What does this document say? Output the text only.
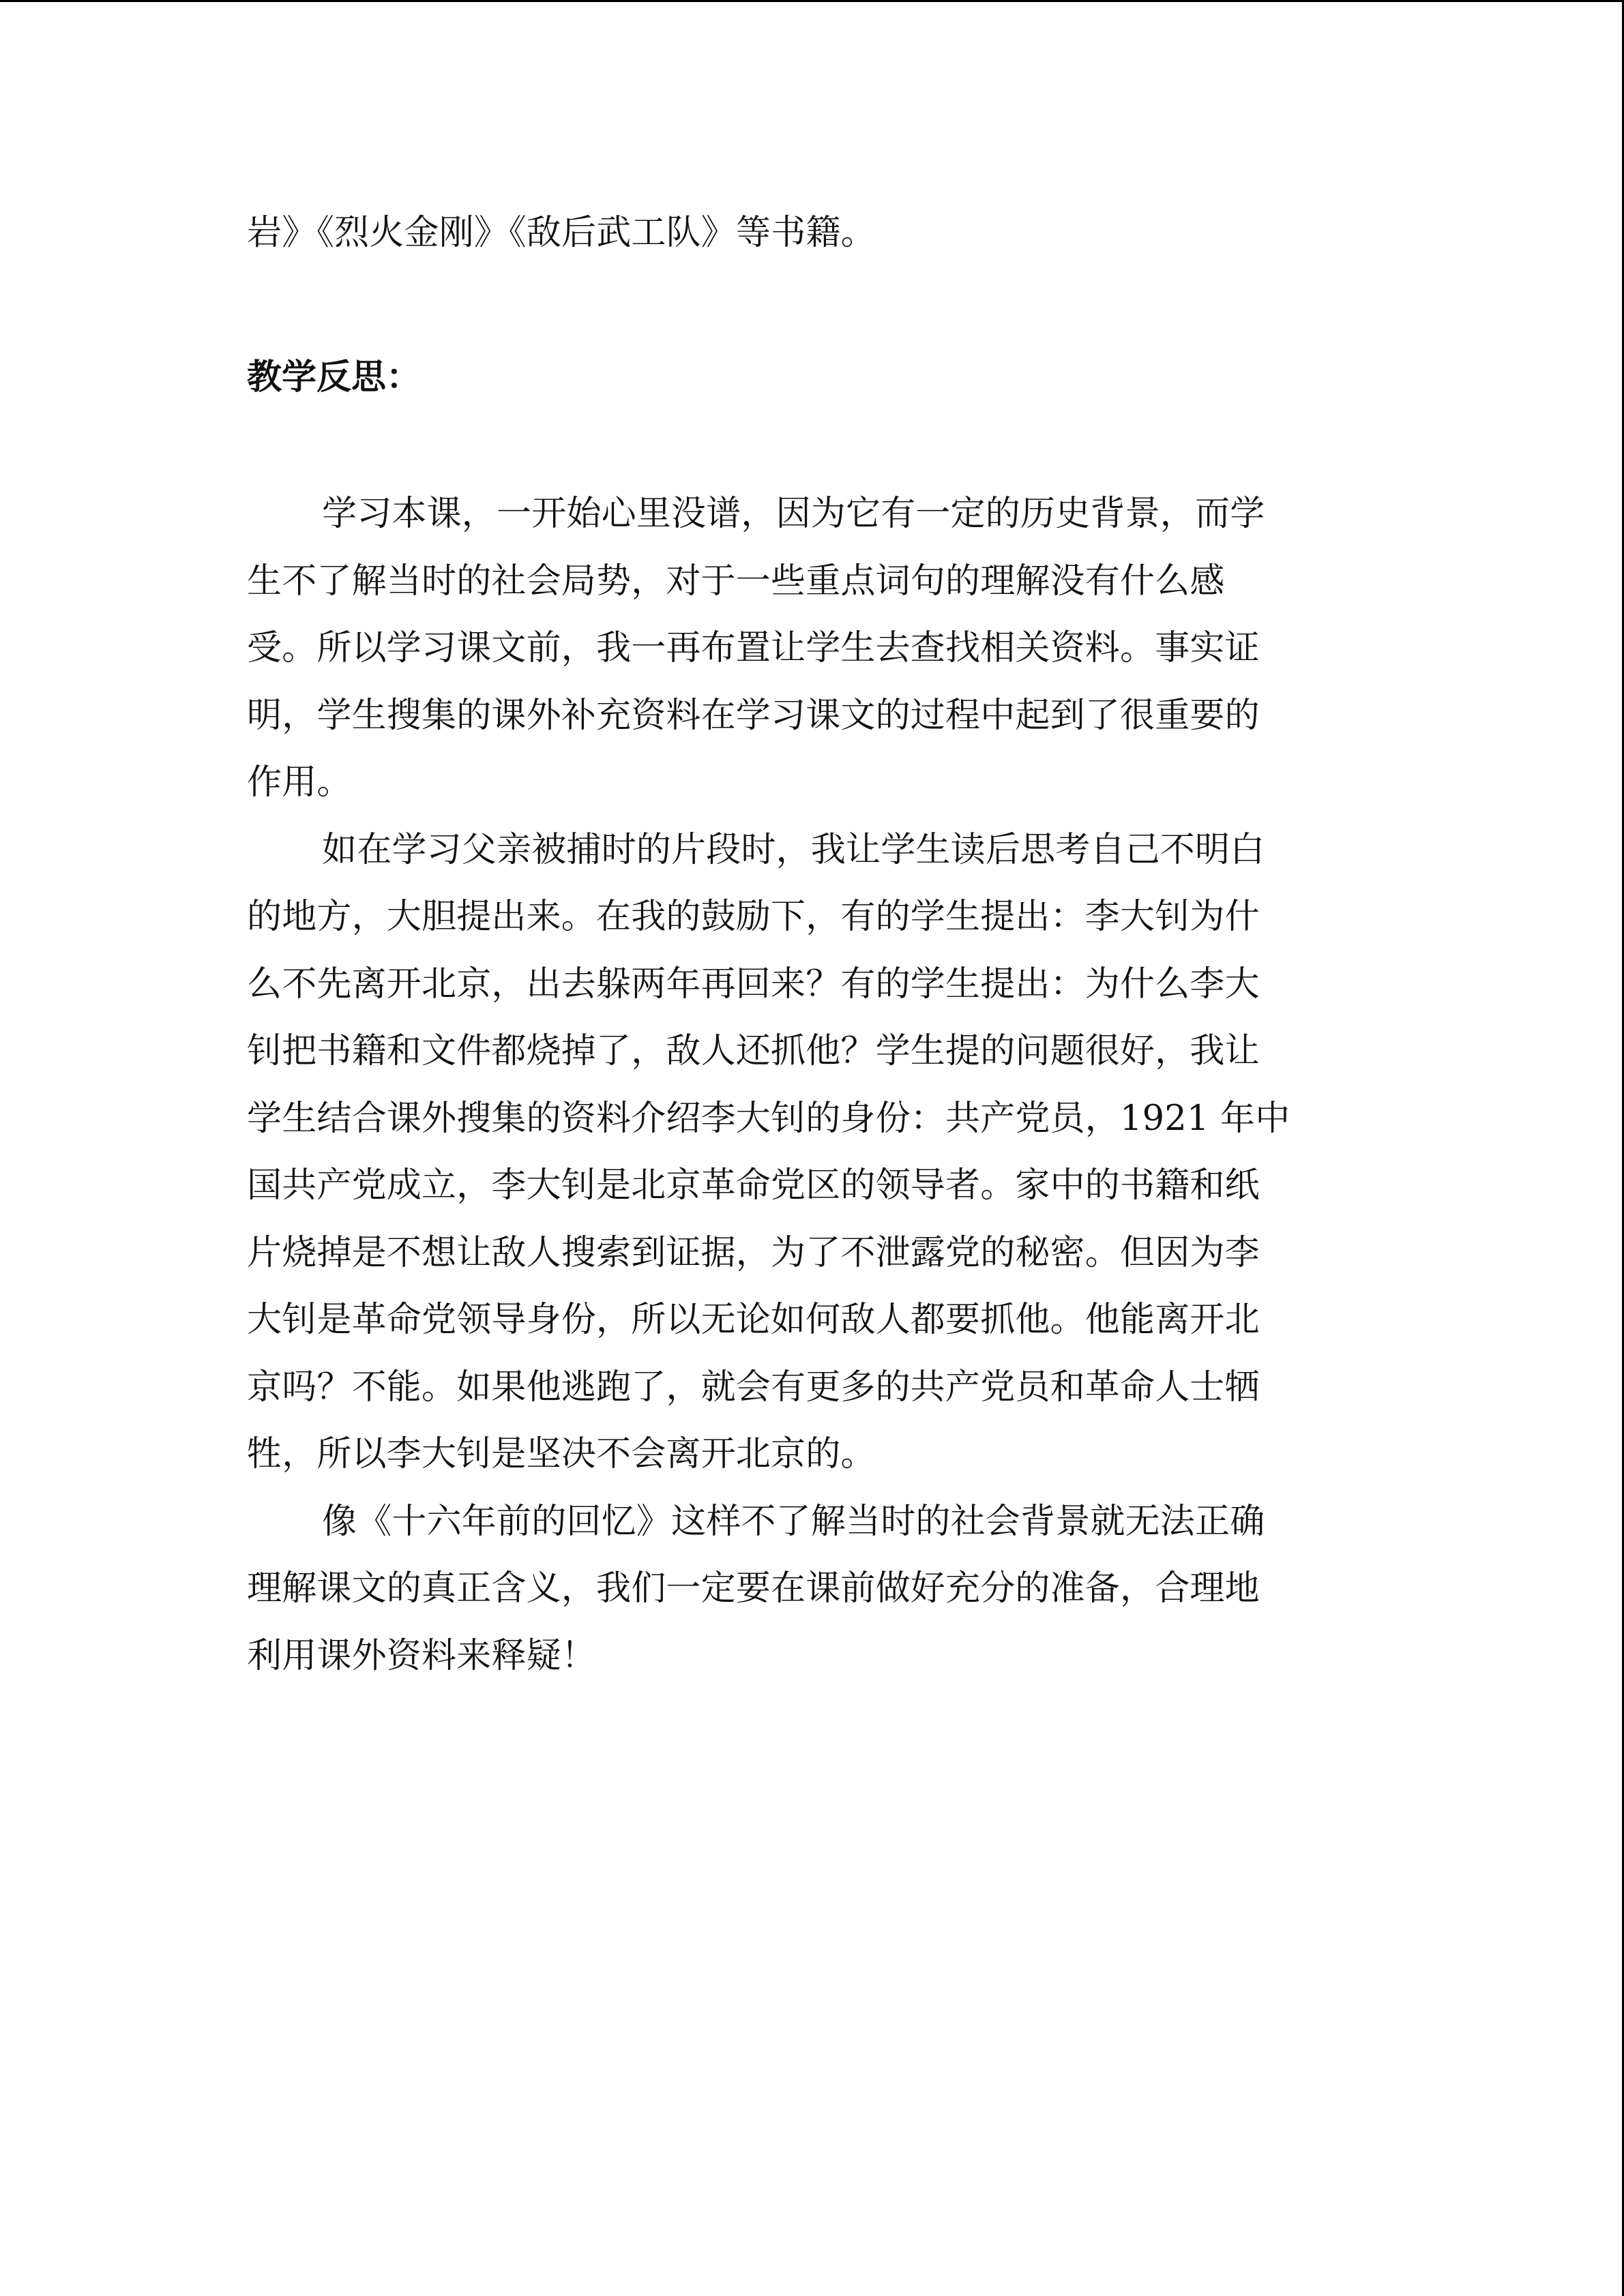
岩》《烈火金刚》《敌后武工队》等书籍。
教学反思：
学习本课，一开始心里没谱，因为它有一定的历史背景，而学
生不了解当时的社会局势，对于一些重点词句的理解没有什么感
受。所以学习课文前，我一再布置让学生去查找相关资料。事实证
明，学生搜集的课外补充资料在学习课文的过程中起到了很重要的
作用。
如在学习父亲被捕时的片段时，我让学生读后思考自己不明白
的地方，大胆提出来。在我的鼓励下，有的学生提出：李大钊为什
么不先离开北京，出去躲两年再回来？有的学生提出：为什么李大
钊把书籍和文件都烧掉了，敌人还抓他？学生提的问题很好，我让
学生结合课外搜集的资料介绍李大钊的身份：共产党员，1921 年中
国共产党成立，李大钊是北京革命党区的领导者。家中的书籍和纸
片烧掉是不想让敌人搜索到证据，为了不泄露党的秘密。但因为李
大钊是革命党领导身份，所以无论如何敌人都要抓他。他能离开北
京吗？不能。如果他逃跑了，就会有更多的共产党员和革命人士牺
牲，所以李大钊是坚决不会离开北京的。
像《十六年前的回忆》这样不了解当时的社会背景就无法正确
理解课文的真正含义，我们一定要在课前做好充分的准备，合理地
利用课外资料来释疑！
